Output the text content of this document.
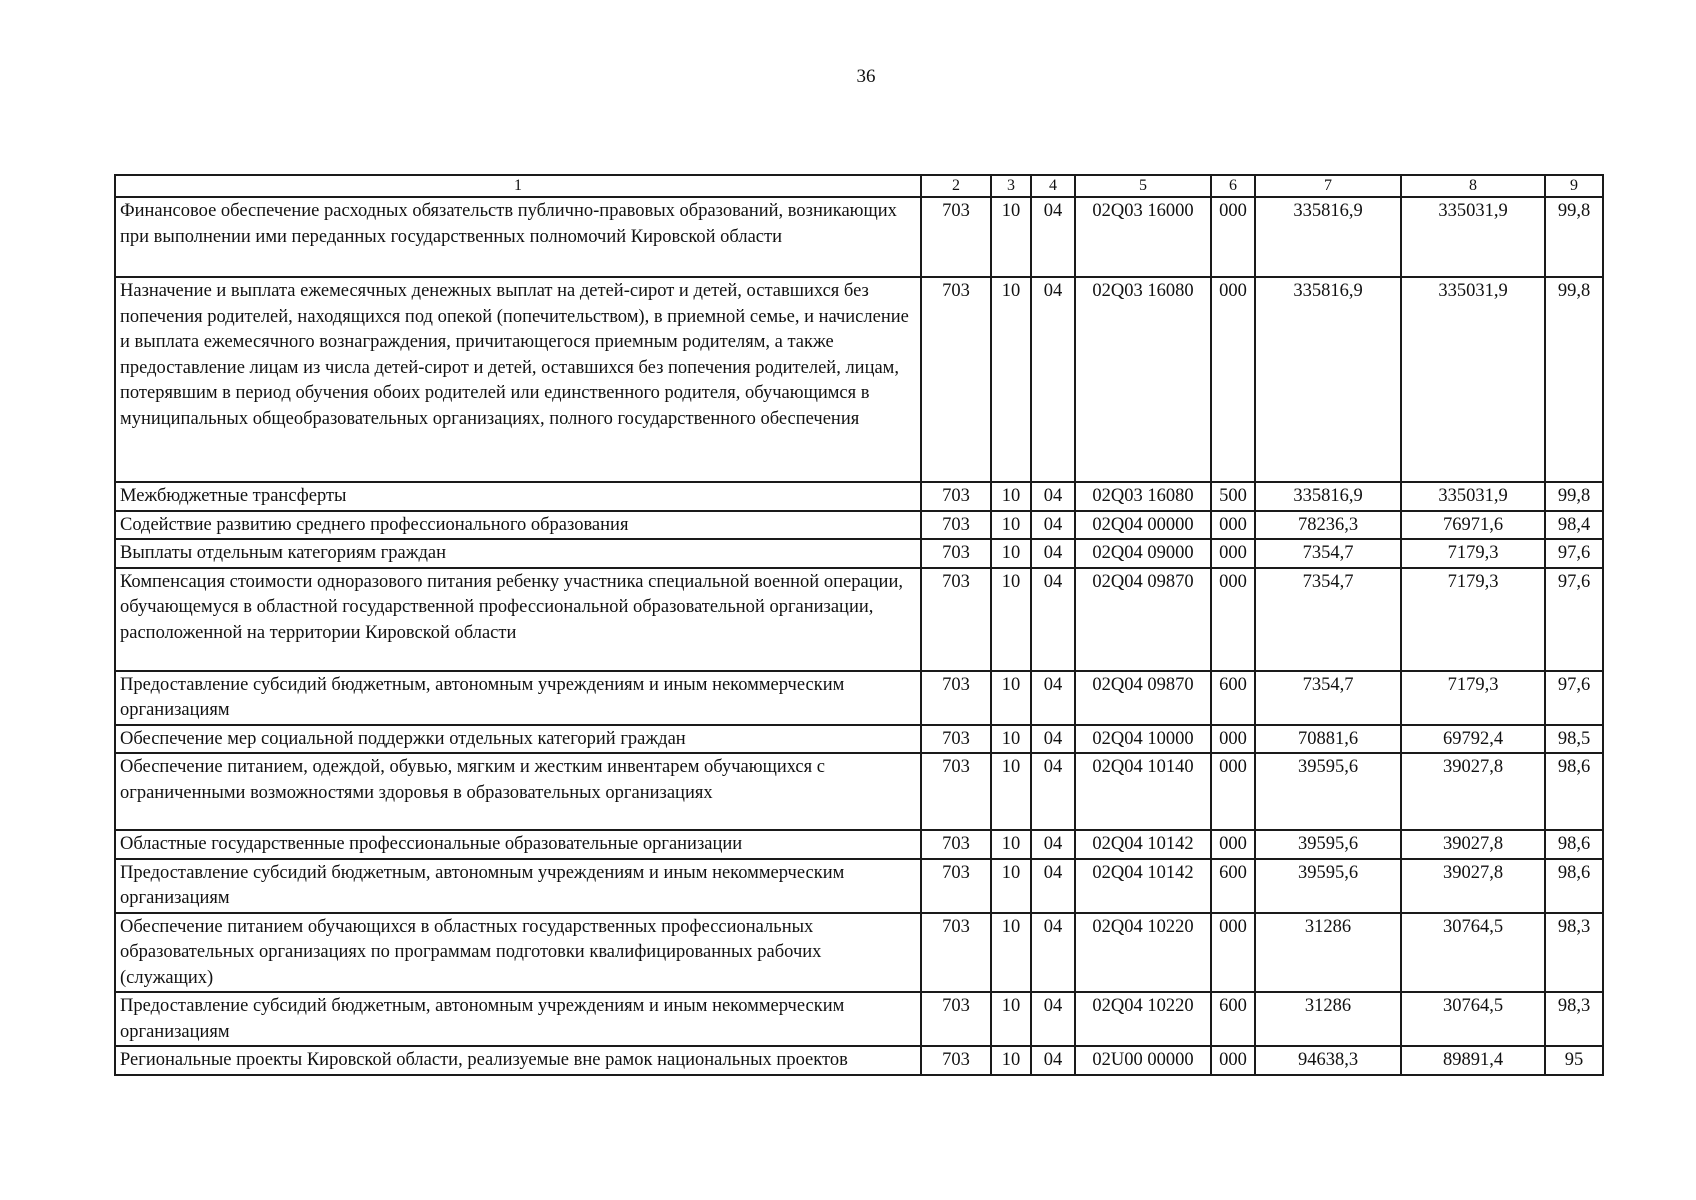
36
1	2	3	4	5	6	7	8	9
Финансовое обеспечение расходных обязательств публично-правовых образований, возникающих при выполнении ими переданных государственных полномочий Кировской области	703	10	04	02Q03 16000	000	335816,9	335031,9	99,8
Назначение и выплата ежемесячных денежных выплат на детей-сирот и детей, оставшихся без попечения родителей, находящихся под опекой (попечительством), в приемной семье, и начисление и выплата ежемесячного вознаграждения, причитающегося приемным родителям, а также предоставление лицам из числа детей-сирот и детей, оставшихся без попечения родителей, лицам, потерявшим в период обучения обоих родителей или единственного родителя, обучающимся в муниципальных общеобразовательных организациях, полного государственного обеспечения	703	10	04	02Q03 16080	000	335816,9	335031,9	99,8
Межбюджетные трансферты	703	10	04	02Q03 16080	500	335816,9	335031,9	99,8
Содействие развитию среднего профессионального образования	703	10	04	02Q04 00000	000	78236,3	76971,6	98,4
Выплаты отдельным категориям граждан	703	10	04	02Q04 09000	000	7354,7	7179,3	97,6
Компенсация стоимости одноразового питания ребенку участника специальной военной операции, обучающемуся в областной государственной профессиональной образовательной организации, расположенной на территории Кировской области	703	10	04	02Q04 09870	000	7354,7	7179,3	97,6
Предоставление субсидий бюджетным, автономным учреждениям и иным некоммерческим организациям	703	10	04	02Q04 09870	600	7354,7	7179,3	97,6
Обеспечение мер социальной поддержки отдельных категорий граждан	703	10	04	02Q04 10000	000	70881,6	69792,4	98,5
Обеспечение питанием, одеждой, обувью, мягким и жестким инвентарем обучающихся с ограниченными возможностями здоровья в образовательных организациях	703	10	04	02Q04 10140	000	39595,6	39027,8	98,6
Областные государственные профессиональные образовательные организации	703	10	04	02Q04 10142	000	39595,6	39027,8	98,6
Предоставление субсидий бюджетным, автономным учреждениям и иным некоммерческим организациям	703	10	04	02Q04 10142	600	39595,6	39027,8	98,6
Обеспечение питанием обучающихся в областных государственных профессиональных образовательных организациях по программам подготовки квалифицированных рабочих (служащих)	703	10	04	02Q04 10220	000	31286	30764,5	98,3
Предоставление субсидий бюджетным, автономным учреждениям и иным некоммерческим организациям	703	10	04	02Q04 10220	600	31286	30764,5	98,3
Региональные проекты Кировской области, реализуемые вне рамок национальных проектов	703	10	04	02U00 00000	000	94638,3	89891,4	95
